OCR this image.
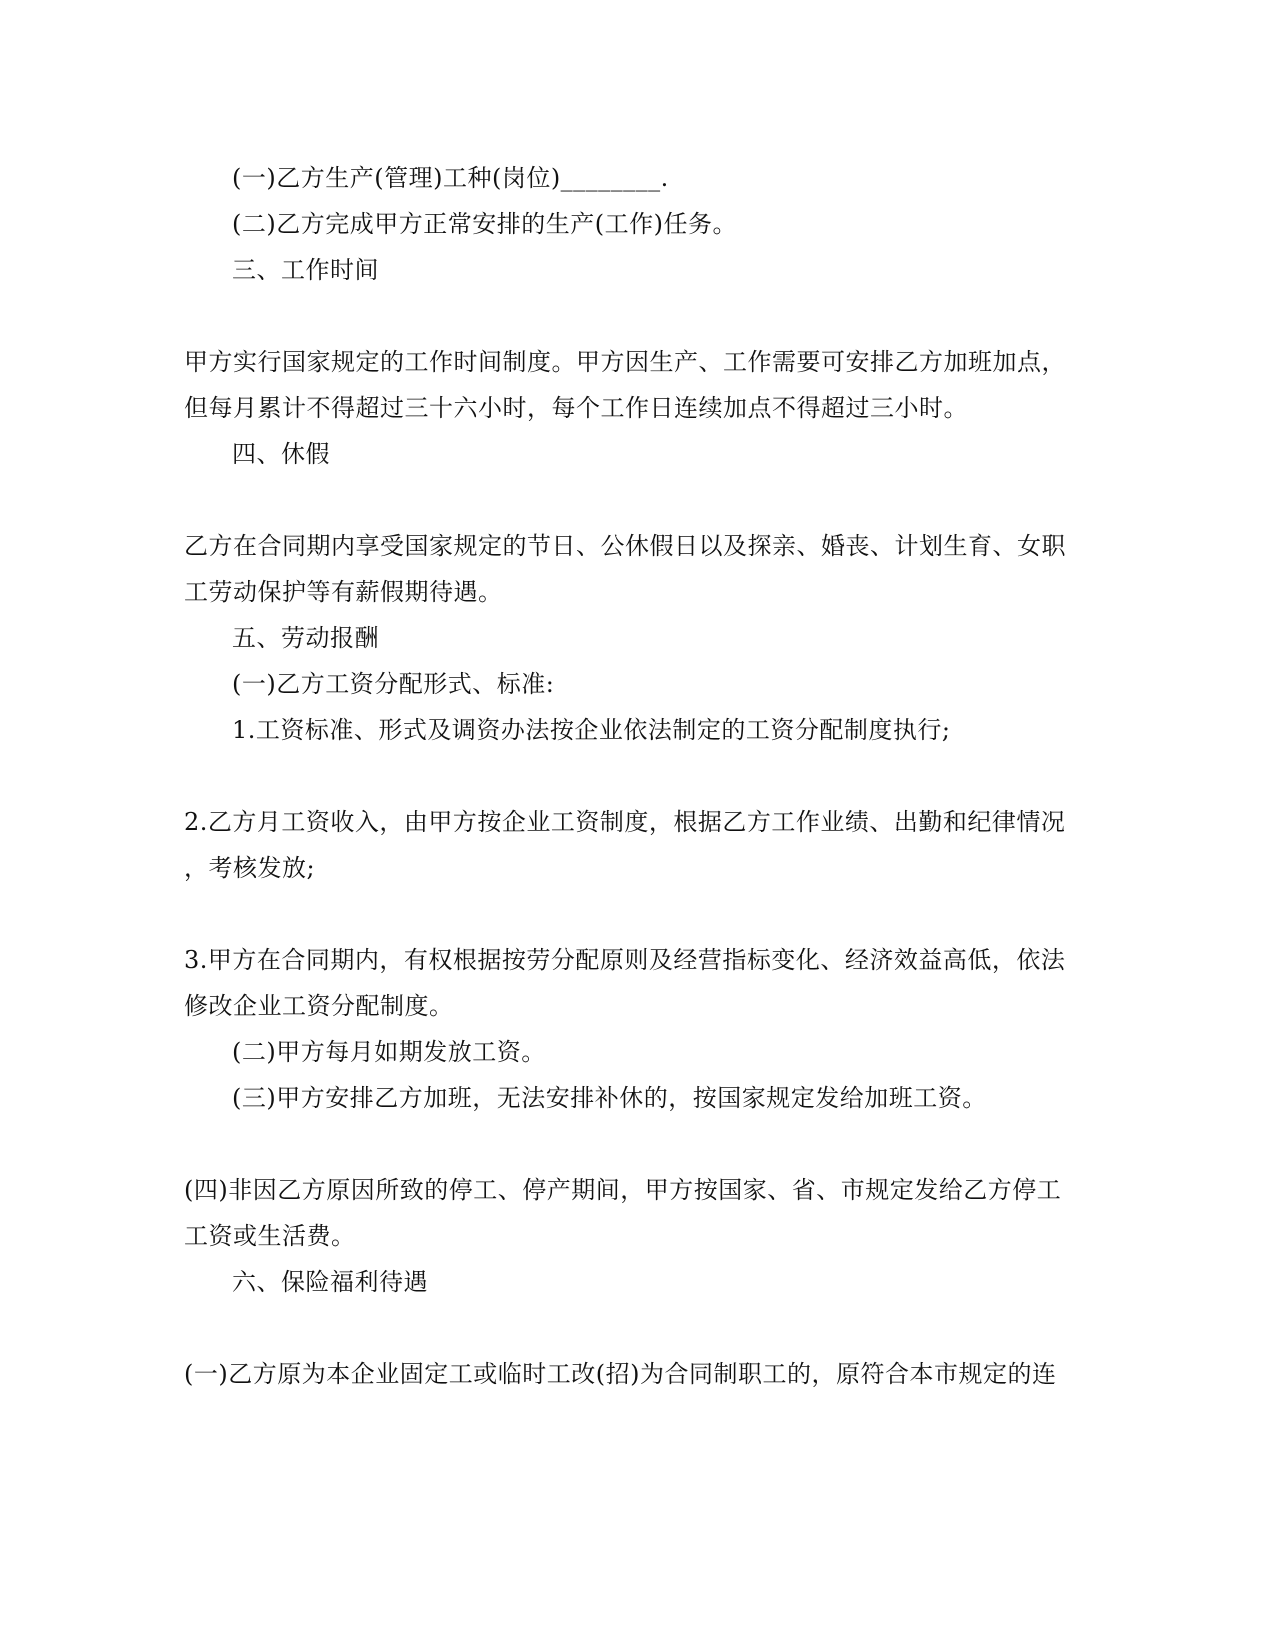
(一)乙方生产(管理)工种(岗位)________.
(二)乙方完成甲方正常安排的生产(工作)任务。
三、工作时间
甲方实行国家规定的工作时间制度。甲方因生产、工作需要可安排乙方加班加点，
但每月累计不得超过三十六小时，每个工作日连续加点不得超过三小时。
四、休假
乙方在合同期内享受国家规定的节日、公休假日以及探亲、婚丧、计划生育、女职
工劳动保护等有薪假期待遇。
五、劳动报酬
(一)乙方工资分配形式、标准:
1.工资标准、形式及调资办法按企业依法制定的工资分配制度执行;
2.乙方月工资收入，由甲方按企业工资制度，根据乙方工作业绩、出勤和纪律情况
，考核发放;
3.甲方在合同期内，有权根据按劳分配原则及经营指标变化、经济效益高低，依法
修改企业工资分配制度。
(二)甲方每月如期发放工资。
(三)甲方安排乙方加班，无法安排补休的，按国家规定发给加班工资。
(四)非因乙方原因所致的停工、停产期间，甲方按国家、省、市规定发给乙方停工
工资或生活费。
六、保险福利待遇
(一)乙方原为本企业固定工或临时工改(招)为合同制职工的，原符合本市规定的连
